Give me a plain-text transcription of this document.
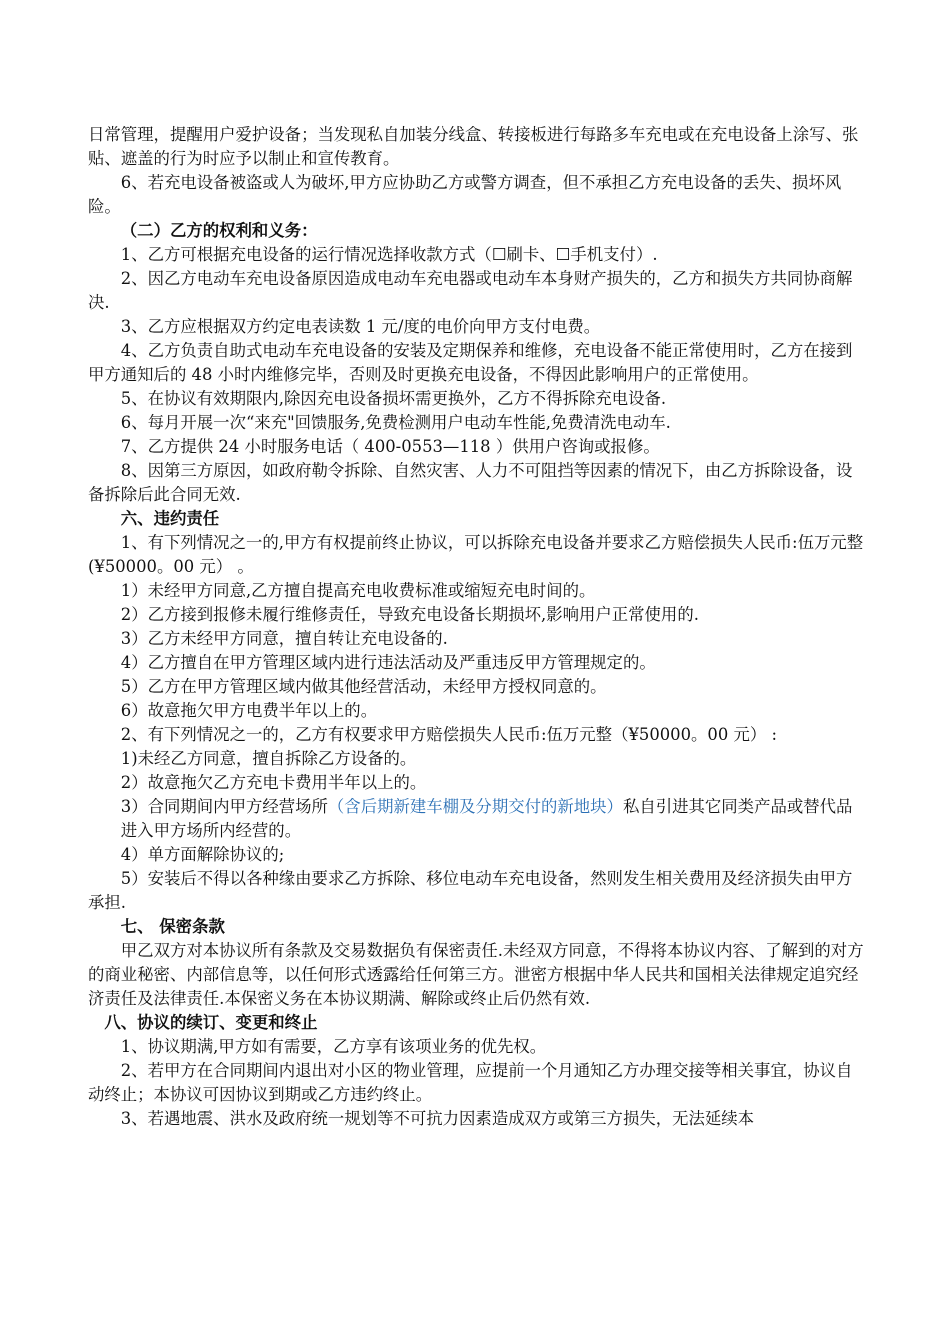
日常管理，提醒用户爱护设备；当发现私自加装分线盒、转接板进行每路多车充电或在充电设备上涂写、张贴、遮盖的行为时应予以制止和宣传教育。

6、若充电设备被盗或人为破坏,甲方应协助乙方或警方调查，但不承担乙方充电设备的丢失、损坏风险。

（二）乙方的权利和义务：

1、乙方可根据充电设备的运行情况选择收款方式（☐刷卡、☐手机支付）.

2、因乙方电动车充电设备原因造成电动车充电器或电动车本身财产损失的，乙方和损失方共同协商解决.

3、乙方应根据双方约定电表读数 1 元/度的电价向甲方支付电费。

4、乙方负责自助式电动车充电设备的安装及定期保养和维修，充电设备不能正常使用时，乙方在接到甲方通知后的 48 小时内维修完毕，否则及时更换充电设备，不得因此影响用户的正常使用。

5、在协议有效期限内,除因充电设备损坏需更换外，乙方不得拆除充电设备.

6、每月开展一次“来充"回馈服务,免费检测用户电动车性能,免费清洗电动车.

7、乙方提供 24 小时服务电话（ 400-0553—118 ）供用户咨询或报修。

8、因第三方原因，如政府勒令拆除、自然灾害、人力不可阻挡等因素的情况下，由乙方拆除设备，设备拆除后此合同无效.

六、违约责任

1、有下列情况之一的,甲方有权提前终止协议，可以拆除充电设备并要求乙方赔偿损失人民币:伍万元整(¥50000。00 元） 。

1）未经甲方同意,乙方擅自提高充电收费标准或缩短充电时间的。

2）乙方接到报修未履行维修责任，导致充电设备长期损坏,影响用户正常使用的.

3）乙方未经甲方同意，擅自转让充电设备的.

4）乙方擅自在甲方管理区域内进行违法活动及严重违反甲方管理规定的。

5）乙方在甲方管理区域内做其他经营活动，未经甲方授权同意的。

6）故意拖欠甲方电费半年以上的。

2、有下列情况之一的，乙方有权要求甲方赔偿损失人民币:伍万元整（¥50000。00 元） :

1)未经乙方同意，擅自拆除乙方设备的。

2）故意拖欠乙方充电卡费用半年以上的。

3）合同期间内甲方经营场所（含后期新建车棚及分期交付的新地块）私自引进其它同类产品或替代品进入甲方场所内经营的。

4）单方面解除协议的;

5）安装后不得以各种缘由要求乙方拆除、移位电动车充电设备，然则发生相关费用及经济损失由甲方承担.

七、 保密条款

甲乙双方对本协议所有条款及交易数据负有保密责任.未经双方同意，不得将本协议内容、了解到的对方的商业秘密、内部信息等，以任何形式透露给任何第三方。泄密方根据中华人民共和国相关法律规定追究经济责任及法律责任.本保密义务在本协议期满、解除或终止后仍然有效.

八、协议的续订、变更和终止

1、协议期满,甲方如有需要，乙方享有该项业务的优先权。

2、若甲方在合同期间内退出对小区的物业管理，应提前一个月通知乙方办理交接等相关事宜，协议自动终止；本协议可因协议到期或乙方违约终止。

3、若遇地震、洪水及政府统一规划等不可抗力因素造成双方或第三方损失，无法延续本
